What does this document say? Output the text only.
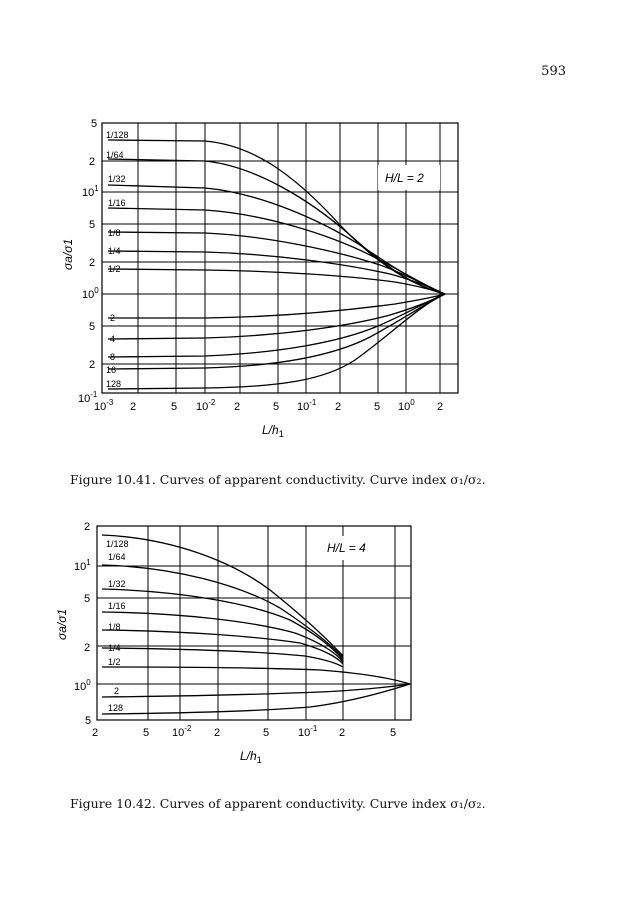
593
H/L = 2
1/128
1/64
1/32
1/16
1/8
1/4
1/2
2
4
8
16
128
$10^{-1}$
2
5
$10^0$
2
5
$10^1$
2
5
$10^{-3}$ 2	5 $10^{-2}$ 2	5 $10^{-1}$ 2	5 $10^0$ 2
$L/h_1$
σa/σ1
H/L = 4
1/128
1/64
1/32
1/16
1/8
1/4
1/2
2
128
5
$10^0$
2
5
$10^1$
2
2	5 $10^{-2}$ 2	5	$10^{-1}$ 2	5
$L/h_1$
σa/σ1
Figure 10.41. Curves of apparent conductivity. Curve index σ₁/σ₂.
Figure 10.42. Curves of apparent conductivity. Curve index σ₁/σ₂.
